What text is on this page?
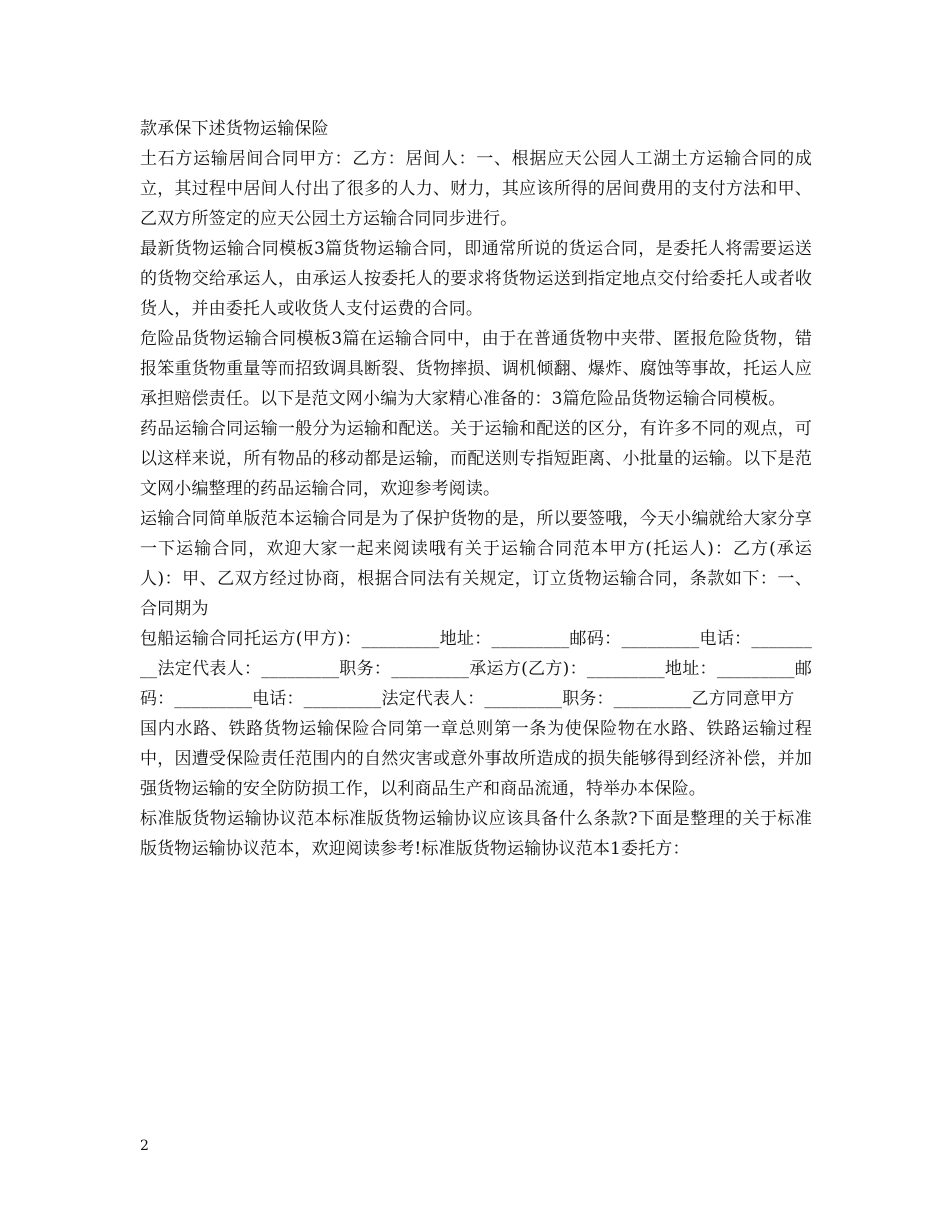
款承保下述货物运输保险

土石方运输居间合同甲方：乙方：居间人：一、根据应天公园人工湖土方运输合同的成立，其过程中居间人付出了很多的人力、财力，其应该所得的居间费用的支付方法和甲、乙双方所签定的应天公园土方运输合同同步进行。

最新货物运输合同模板3篇货物运输合同，即通常所说的货运合同，是委托人将需要运送的货物交给承运人，由承运人按委托人的要求将货物运送到指定地点交付给委托人或者收货人，并由委托人或收货人支付运费的合同。

危险品货物运输合同模板3篇在运输合同中，由于在普通货物中夹带、匿报危险货物，错报笨重货物重量等而招致调具断裂、货物摔损、调机倾翻、爆炸、腐蚀等事故，托运人应承担赔偿责任。以下是范文网小编为大家精心准备的：3篇危险品货物运输合同模板。

药品运输合同运输一般分为运输和配送。关于运输和配送的区分，有许多不同的观点，可以这样来说，所有物品的移动都是运输，而配送则专指短距离、小批量的运输。以下是范文网小编整理的药品运输合同，欢迎参考阅读。

运输合同简单版范本运输合同是为了保护货物的是，所以要签哦，今天小编就给大家分享一下运输合同，欢迎大家一起来阅读哦有关于运输合同范本甲方(托运人)：乙方(承运人)：甲、乙双方经过协商，根据合同法有关规定，订立货物运输合同，条款如下：一、合同期为

包船运输合同托运方(甲方)：_________地址：_________邮码：_________电话：_________法定代表人：_________职务：_________承运方(乙方)：_________地址：_________邮码：_________电话：_________法定代表人：_________职务：_________乙方同意甲方

国内水路、铁路货物运输保险合同第一章总则第一条为使保险物在水路、铁路运输过程中，因遭受保险责任范围内的自然灾害或意外事故所造成的损失能够得到经济补偿，并加强货物运输的安全防防损工作，以利商品生产和商品流通，特举办本保险。

标准版货物运输协议范本标准版货物运输协议应该具备什么条款?下面是整理的关于标准版货物运输协议范本，欢迎阅读参考!标准版货物运输协议范本1委托方：

2
